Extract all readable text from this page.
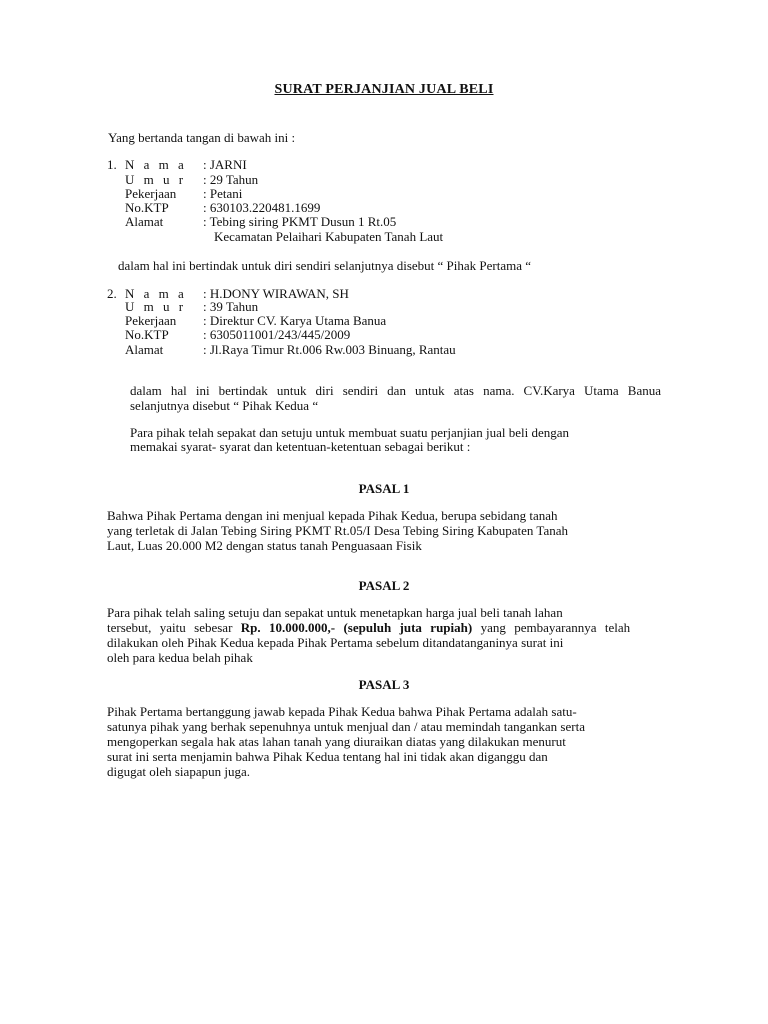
SURAT PERJANJIAN JUAL BELI
Yang bertanda tangan di bawah ini :
1. N a m a : JARNI
U m u r : 29 Tahun
Pekerjaan : Petani
No.KTP	: 630103.220481.1699
Alamat	: Tebing siring PKMT Dusun 1 Rt.05
Kecamatan Pelaihari Kabupaten Tanah Laut
dalam hal ini bertindak untuk diri sendiri selanjutnya disebut “ Pihak Pertama “
2. N a m a : H.DONY WIRAWAN, SH
U m u r : 39 Tahun
Pekerjaan : Direktur CV. Karya Utama Banua
No.KTP	: 6305011001/243/445/2009
Alamat	: Jl.Raya Timur Rt.006 Rw.003 Binuang, Rantau
dalam hal ini bertindak untuk diri sendiri dan untuk atas nama. CV.Karya Utama Banua
selanjutnya disebut “ Pihak Kedua “
Para pihak telah sepakat dan setuju untuk membuat suatu perjanjian jual beli dengan
memakai syarat- syarat dan ketentuan-ketentuan sebagai berikut :
PASAL 1
Bahwa Pihak Pertama dengan ini menjual kepada Pihak Kedua, berupa sebidang tanah
yang terletak di Jalan Tebing Siring PKMT Rt.05/I Desa Tebing Siring Kabupaten Tanah
Laut, Luas 20.000 M2 dengan status tanah Penguasaan Fisik
PASAL 2
Para pihak telah saling setuju dan sepakat untuk menetapkan harga jual beli tanah lahan
tersebut, yaitu sebesar Rp. 10.000.000,- (sepuluh juta rupiah) yang pembayarannya telah
dilakukan oleh Pihak Kedua kepada Pihak Pertama sebelum ditandatanganinya surat ini
oleh para kedua belah pihak
PASAL 3
Pihak Pertama bertanggung jawab kepada Pihak Kedua bahwa Pihak Pertama adalah satu-
satunya pihak yang berhak sepenuhnya untuk menjual dan / atau memindah tangankan serta
mengoperkan segala hak atas lahan tanah yang diuraikan diatas yang dilakukan menurut
surat ini serta menjamin bahwa Pihak Kedua tentang hal ini tidak akan diganggu dan
digugat oleh siapapun juga.
